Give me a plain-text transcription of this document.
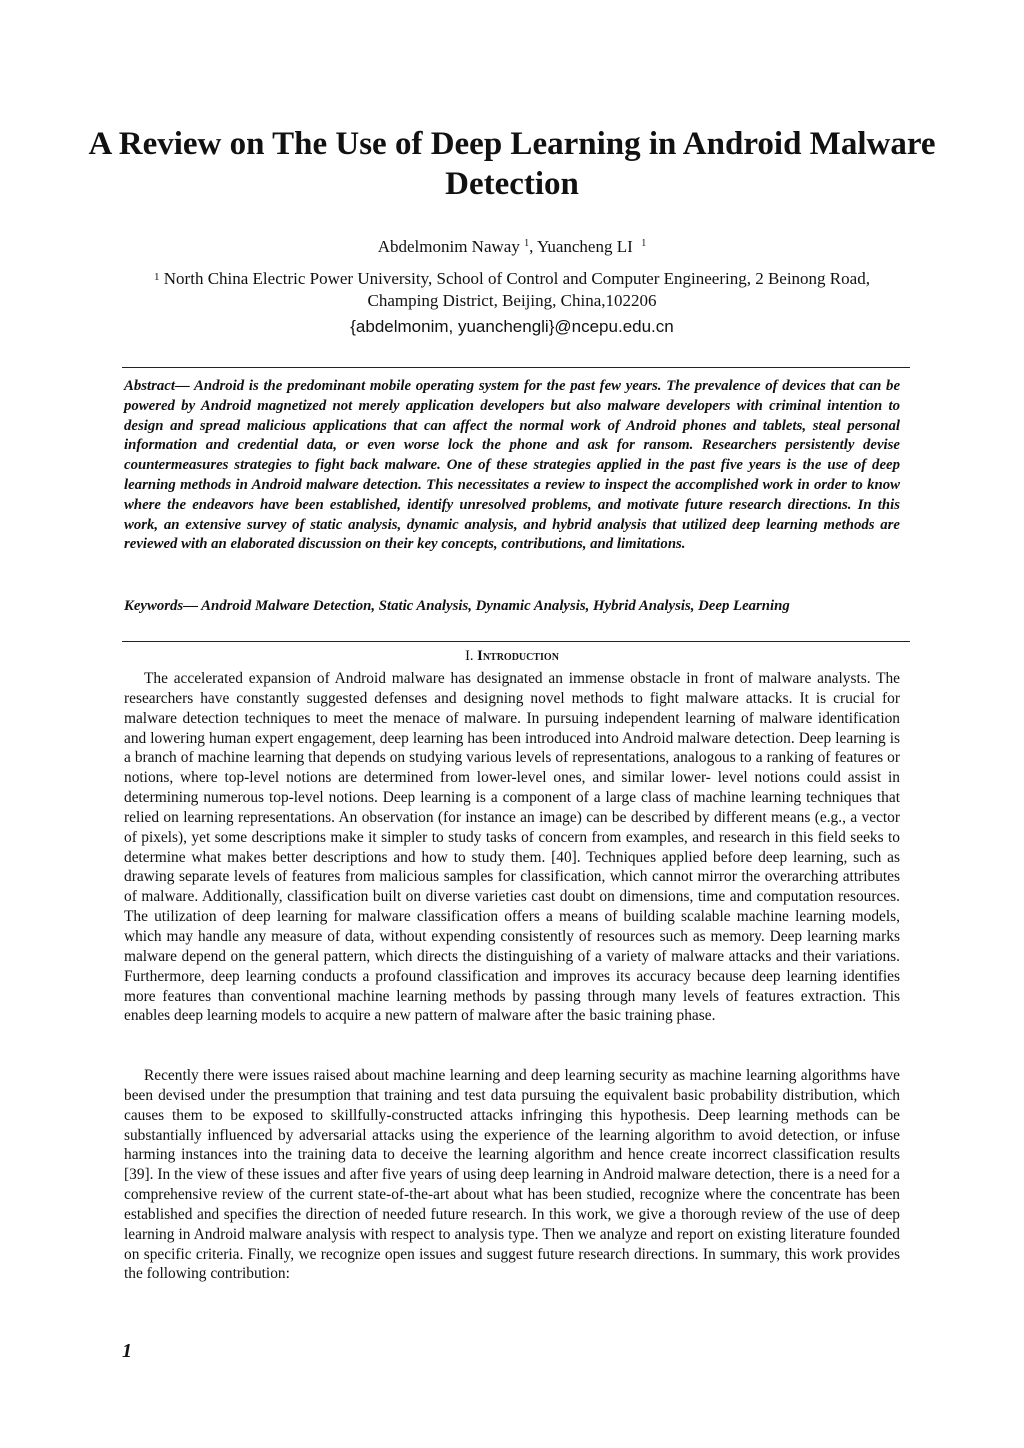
A Review on The Use of Deep Learning in Android Malware Detection
Abdelmonim Naway $^1$, Yuancheng LI $^1$
$^1$ North China Electric Power University, School of Control and Computer Engineering, 2 Beinong Road, Champing District, Beijing, China,102206
{abdelmonim, yuanchengli}@ncepu.edu.cn

Abstract— Android is the predominant mobile operating system for the past few years. The prevalence of devices that can be powered by Android magnetized not merely application developers but also malware developers with criminal intention to design and spread malicious applications that can affect the normal work of Android phones and tablets, steal personal information and credential data, or even worse lock the phone and ask for ransom. Researchers persistently devise countermeasures strategies to fight back malware. One of these strategies applied in the past five years is the use of deep learning methods in Android malware detection. This necessitates a review to inspect the accomplished work in order to know where the endeavors have been established, identify unresolved problems, and motivate future research directions. In this work, an extensive survey of static analysis, dynamic analysis, and hybrid analysis that utilized deep learning methods are reviewed with an elaborated discussion on their key concepts, contributions, and limitations.

Keywords— Android Malware Detection, Static Analysis, Dynamic Analysis, Hybrid Analysis, Deep Learning

I. Introduction

The accelerated expansion of Android malware has designated an immense obstacle in front of malware analysts. The researchers have constantly suggested defenses and designing novel methods to fight malware attacks. It is crucial for malware detection techniques to meet the menace of malware. In pursuing independent learning of malware identification and lowering human expert engagement, deep learning has been introduced into Android malware detection. Deep learning is a branch of machine learning that depends on studying various levels of representations, analogous to a ranking of features or notions, where top-level notions are determined from lower-level ones, and similar lower- level notions could assist in determining numerous top-level notions. Deep learning is a component of a large class of machine learning techniques that relied on learning representations. An observation (for instance an image) can be described by different means (e.g., a vector of pixels), yet some descriptions make it simpler to study tasks of concern from examples, and research in this field seeks to determine what makes better descriptions and how to study them. [40]. Techniques applied before deep learning, such as drawing separate levels of features from malicious samples for classification, which cannot mirror the overarching attributes of malware. Additionally, classification built on diverse varieties cast doubt on dimensions, time and computation resources. The utilization of deep learning for malware classification offers a means of building scalable machine learning models, which may handle any measure of data, without expending consistently of resources such as memory. Deep learning marks malware depend on the general pattern, which directs the distinguishing of a variety of malware attacks and their variations. Furthermore, deep learning conducts a profound classification and improves its accuracy because deep learning identifies more features than conventional machine learning methods by passing through many levels of features extraction. This enables deep learning models to acquire a new pattern of malware after the basic training phase.

Recently there were issues raised about machine learning and deep learning security as machine learning algorithms have been devised under the presumption that training and test data pursuing the equivalent basic probability distribution, which causes them to be exposed to skillfully-constructed attacks infringing this hypothesis. Deep learning methods can be substantially influenced by adversarial attacks using the experience of the learning algorithm to avoid detection, or infuse harming instances into the training data to deceive the learning algorithm and hence create incorrect classification results [39]. In the view of these issues and after five years of using deep learning in Android malware detection, there is a need for a comprehensive review of the current state-of-the-art about what has been studied, recognize where the concentrate has been established and specifies the direction of needed future research. In this work, we give a thorough review of the use of deep learning in Android malware analysis with respect to analysis type. Then we analyze and report on existing literature founded on specific criteria. Finally, we recognize open issues and suggest future research directions. In summary, this work provides the following contribution:

1
